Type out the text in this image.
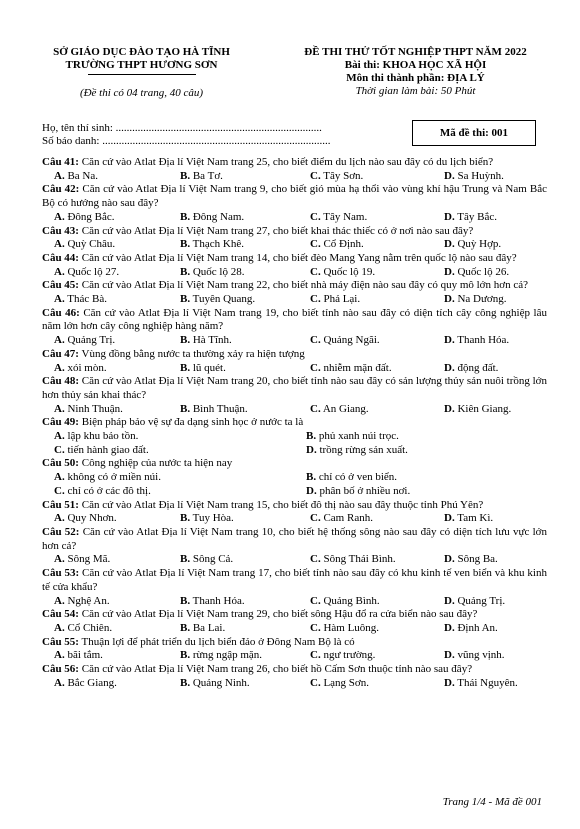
SỞ GIÁO DỤC ĐÀO TẠO HÀ TĨNH
TRƯỜNG THPT HƯƠNG SƠN
(Đề thi có 04 trang, 40 câu)
ĐỀ THI THỬ TỐT NGHIỆP THPT NĂM 2022
Bài thi: KHOA HỌC XÃ HỘI
Môn thi thành phần: ĐỊA LÝ
Thời gian làm bài: 50 Phút
Họ, tên thí sinh: ...........................................................................
Số báo danh: ...................................................................................
Mã đề thi: 001
Câu 41: Căn cứ vào Atlat Địa lí Việt Nam trang 25, cho biết điểm du lịch nào sau đây có du lịch biển?
A. Ba Na.	B. Ba Tơ.	C. Tây Sơn.	D. Sa Huỳnh.
Câu 42: Căn cứ vào Atlat Địa lí Việt Nam trang 9, cho biết gió mùa hạ thổi vào vùng khí hậu Trung và Nam Bắc Bộ có hướng nào sau đây?
A. Đông Bắc.	B. Đông Nam.	C. Tây Nam.	D. Tây Bắc.
Câu 43: Căn cứ vào Atlat Địa lí Việt Nam trang 27, cho biết khai thác thiếc có ở nơi nào sau đây?
A. Quỳ Châu.	B. Thạch Khê.	C. Cổ Định.	D. Quỳ Hợp.
Câu 44: Căn cứ vào Atlat Địa lí Việt Nam trang 14, cho biết đèo Mang Yang nằm trên quốc lộ nào sau đây?
A. Quốc lộ 27.	B. Quốc lộ 28.	C. Quốc lộ 19.	D. Quốc lộ 26.
Câu 45: Căn cứ vào Atlat Địa lí Việt Nam trang 22, cho biết nhà máy điện nào sau đây có quy mô lớn hơn cả?
A. Thác Bà.	B. Tuyên Quang.	C. Phả Lại.	D. Na Dương.
Câu 46: Căn cứ vào Atlat Địa lí Việt Nam trang 19, cho biết tỉnh nào sau đây có diện tích cây công nghiệp lâu năm lớn hơn cây công nghiệp hàng năm?
A. Quảng Trị.	B. Hà Tĩnh.	C. Quảng Ngãi.	D. Thanh Hóa.
Câu 47: Vùng đồng bằng nước ta thường xảy ra hiện tượng
A. xói mòn.	B. lũ quét.	C. nhiễm mặn đất.	D. động đất.
Câu 48: Căn cứ vào Atlat Địa lí Việt Nam trang 20, cho biết tỉnh nào sau đây có sản lượng thủy sản nuôi trồng lớn hơn thủy sản khai thác?
A. Ninh Thuận.	B. Bình Thuận.	C. An Giang.	D. Kiên Giang.
Câu 49: Biện pháp bảo vệ sự đa dạng sinh học ở nước ta là
A. lập khu bảo tồn.	B. phủ xanh núi trọc.
C. tiến hành giao đất.	D. trồng rừng sản xuất.
Câu 50: Công nghiệp của nước ta hiện nay
A. không có ở miền núi.	B. chỉ có ở ven biển.
C. chỉ có ở các đô thị.	D. phân bố ở nhiều nơi.
Câu 51: Căn cứ vào Atlat Địa lí Việt Nam trang 15, cho biết đô thị nào sau đây thuộc tỉnh Phú Yên?
A. Quy Nhơn.	B. Tuy Hòa.	C. Cam Ranh.	D. Tam Kì.
Câu 52: Căn cứ vào Atlat Địa lí Việt Nam trang 10, cho biết hệ thống sông nào sau đây có diện tích lưu vực lớn hơn cả?
A. Sông Mã.	B. Sông Cả.	C. Sông Thái Bình.	D. Sông Ba.
Câu 53: Căn cứ vào Atlat Địa lí Việt Nam trang 17, cho biết tỉnh nào sau đây có khu kinh tế ven biển và khu kinh tế cửa khẩu?
A. Nghệ An.	B. Thanh Hóa.	C. Quảng Bình.	D. Quảng Trị.
Câu 54: Căn cứ vào Atlat Địa lí Việt Nam trang 29, cho biết sông Hậu đổ ra cửa biển nào sau đây?
A. Cổ Chiên.	B. Ba Lai.	C. Hàm Luông.	D. Định An.
Câu 55: Thuận lợi để phát triển du lịch biển đảo ở Đông Nam Bộ là có
A. bãi tắm.	B. rừng ngập mặn.	C. ngư trường.	D. vũng vịnh.
Câu 56: Căn cứ vào Atlat Địa lí Việt Nam trang 26, cho biết hồ Cấm Sơn thuộc tỉnh nào sau đây?
A. Bắc Giang.	B. Quảng Ninh.	C. Lạng Sơn.	D. Thái Nguyên.
Trang 1/4 - Mã đề 001
